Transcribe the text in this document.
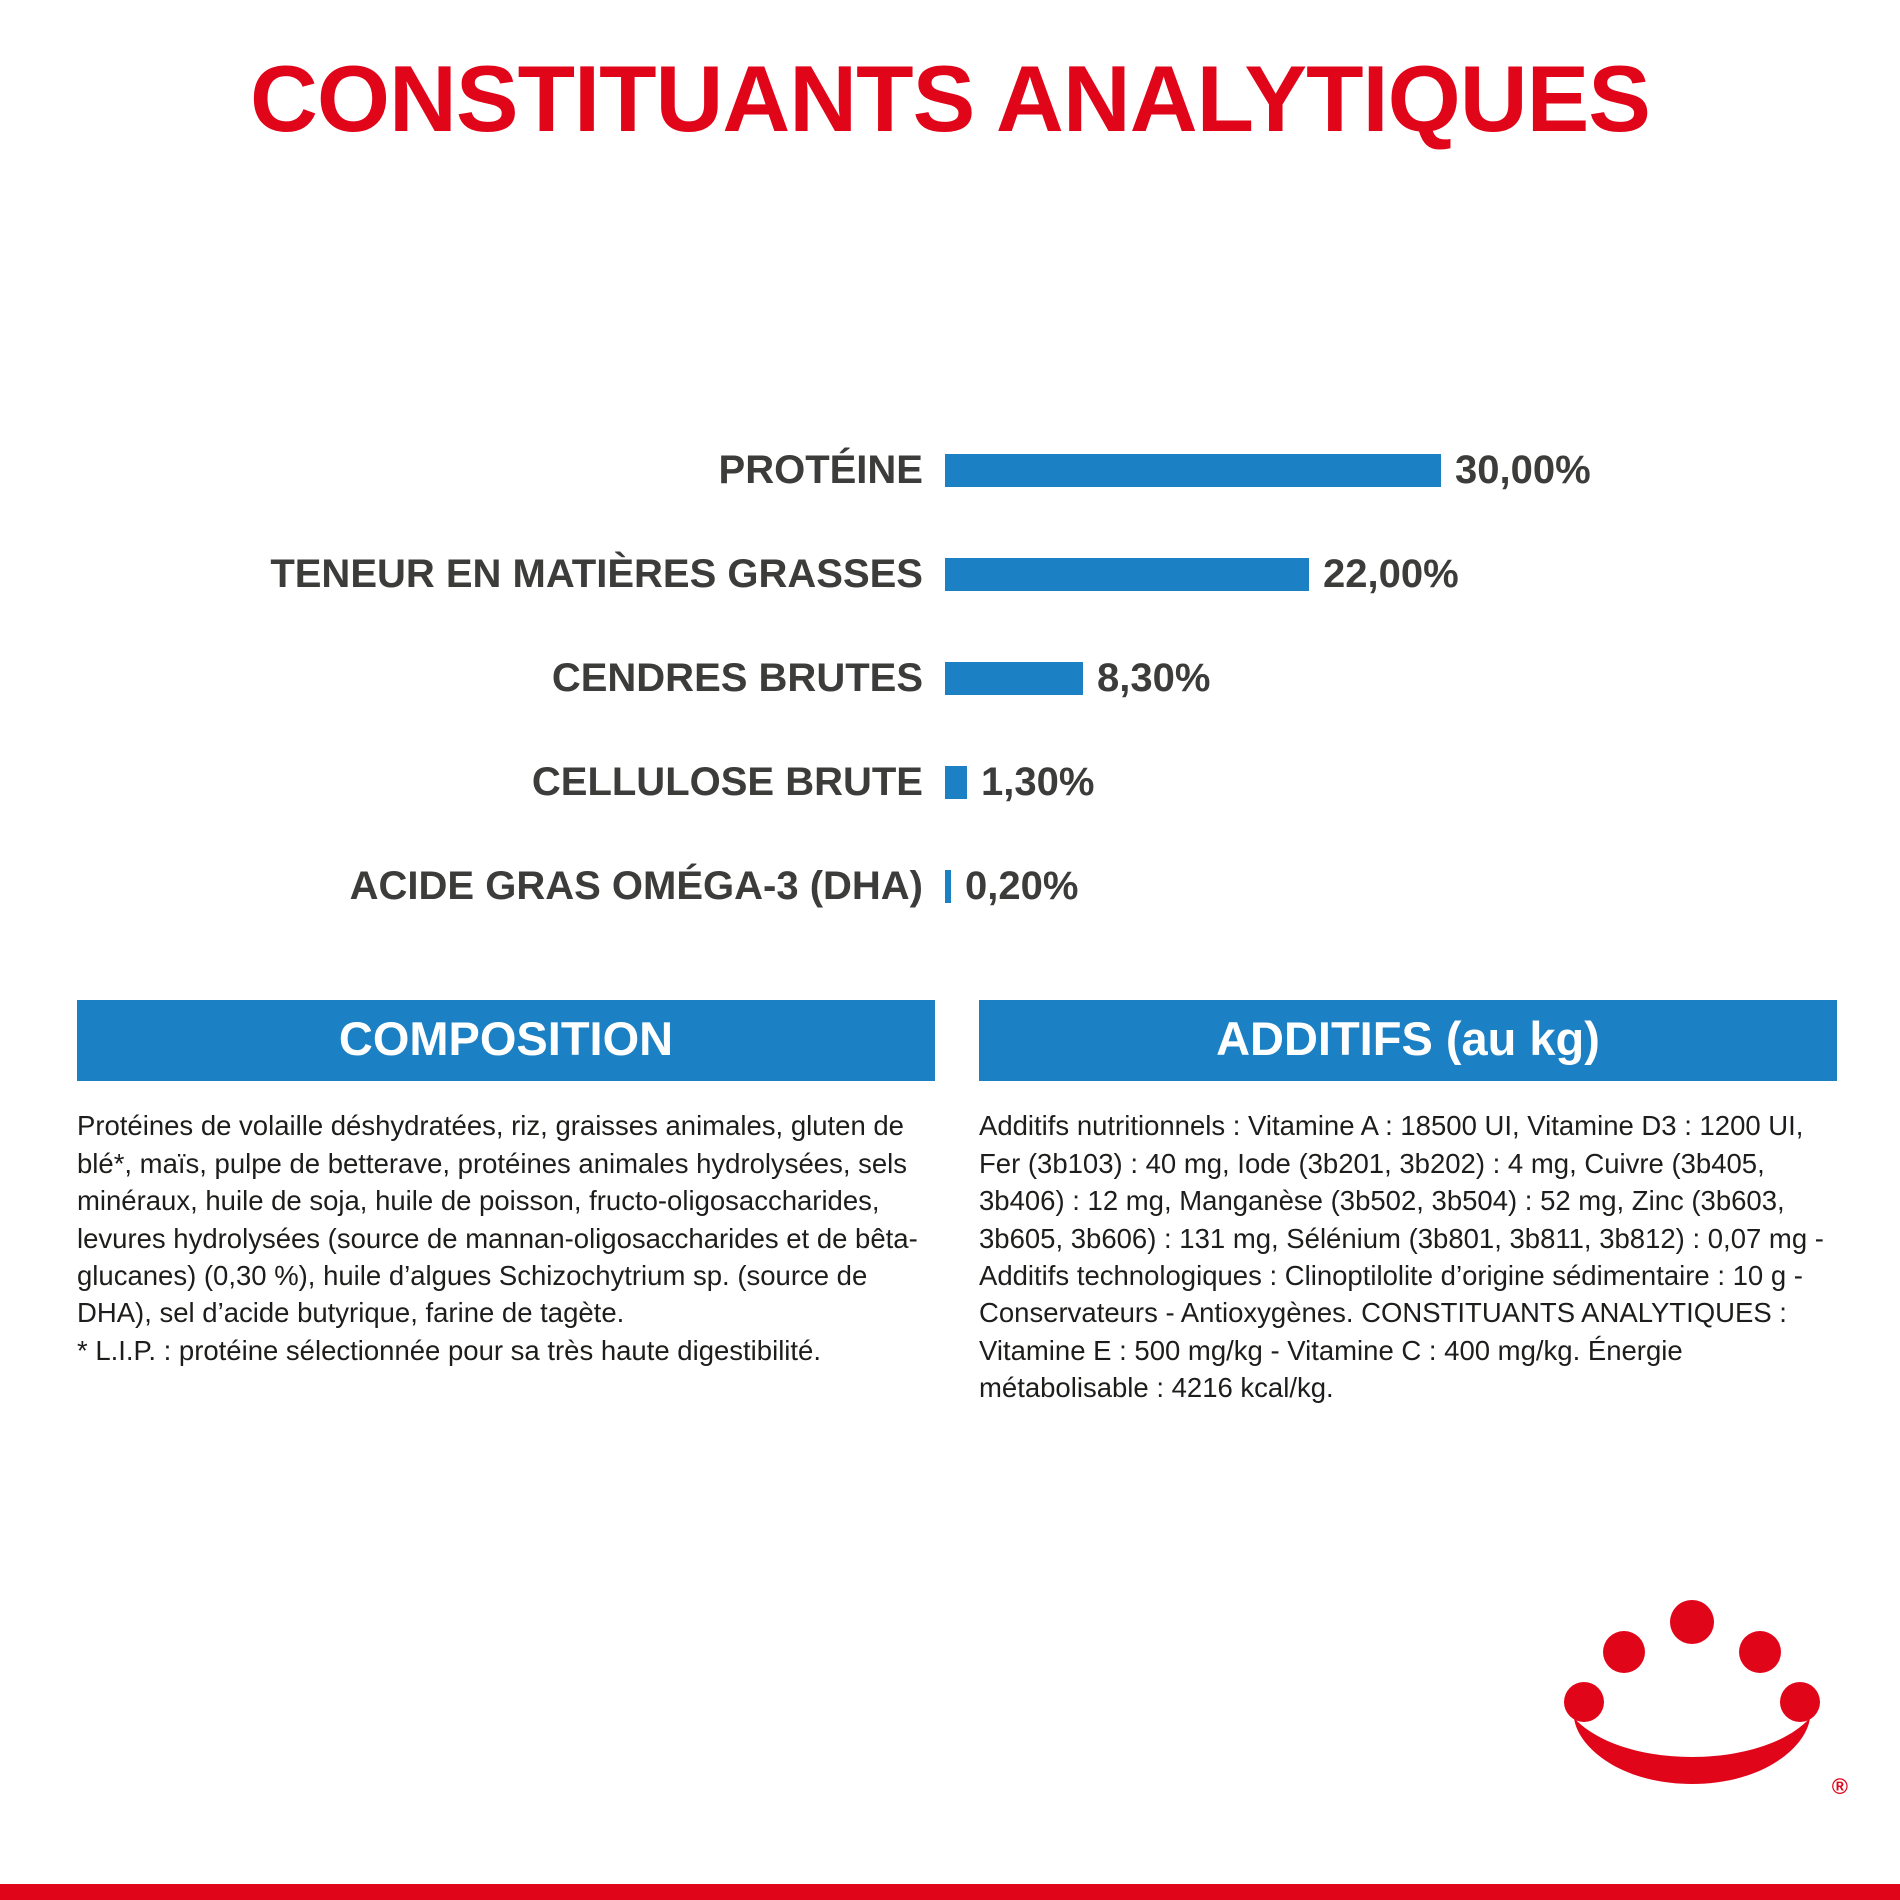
CONSTITUANTS ANALYTIQUES
PROTÉINE	30,00%
TENEUR EN MATIÈRES GRASSES	22,00%
CENDRES BRUTES	8,30%
CELLULOSE BRUTE	1,30%
ACIDE GRAS OMÉGA-3 (DHA)	0,20%
COMPOSITION

Protéines de volaille déshydratées, riz, graisses animales, gluten de blé*, maïs, pulpe de betterave, protéines animales hydrolysées, sels minéraux, huile de soja, huile de poisson, fructo-oligosaccharides, levures hydrolysées (source de mannan-oligosaccharides et de bêta-glucanes) (0,30 %), huile d’algues Schizochytrium sp. (source de DHA), sel d’acide butyrique, farine de tagète.

* L.I.P. : protéine sélectionnée pour sa très haute digestibilité.

ADDITIFS (au kg)

Additifs nutritionnels : Vitamine A : 18500 UI, Vitamine D3 : 1200 UI, Fer (3b103) : 40 mg, Iode (3b201, 3b202) : 4 mg, Cuivre (3b405, 3b406) : 12 mg, Manganèse (3b502, 3b504) : 52 mg, Zinc (3b603, 3b605, 3b606) : 131 mg, Sélénium (3b801, 3b811, 3b812) : 0,07 mg - Additifs technologiques : Clinoptilolite d’origine sédimentaire : 10 g - Conservateurs - Antioxygènes. CONSTITUANTS ANALYTIQUES : Vitamine E : 500 mg/kg - Vitamine C : 400 mg/kg. Énergie métabolisable : 4216 kcal/kg.

®
